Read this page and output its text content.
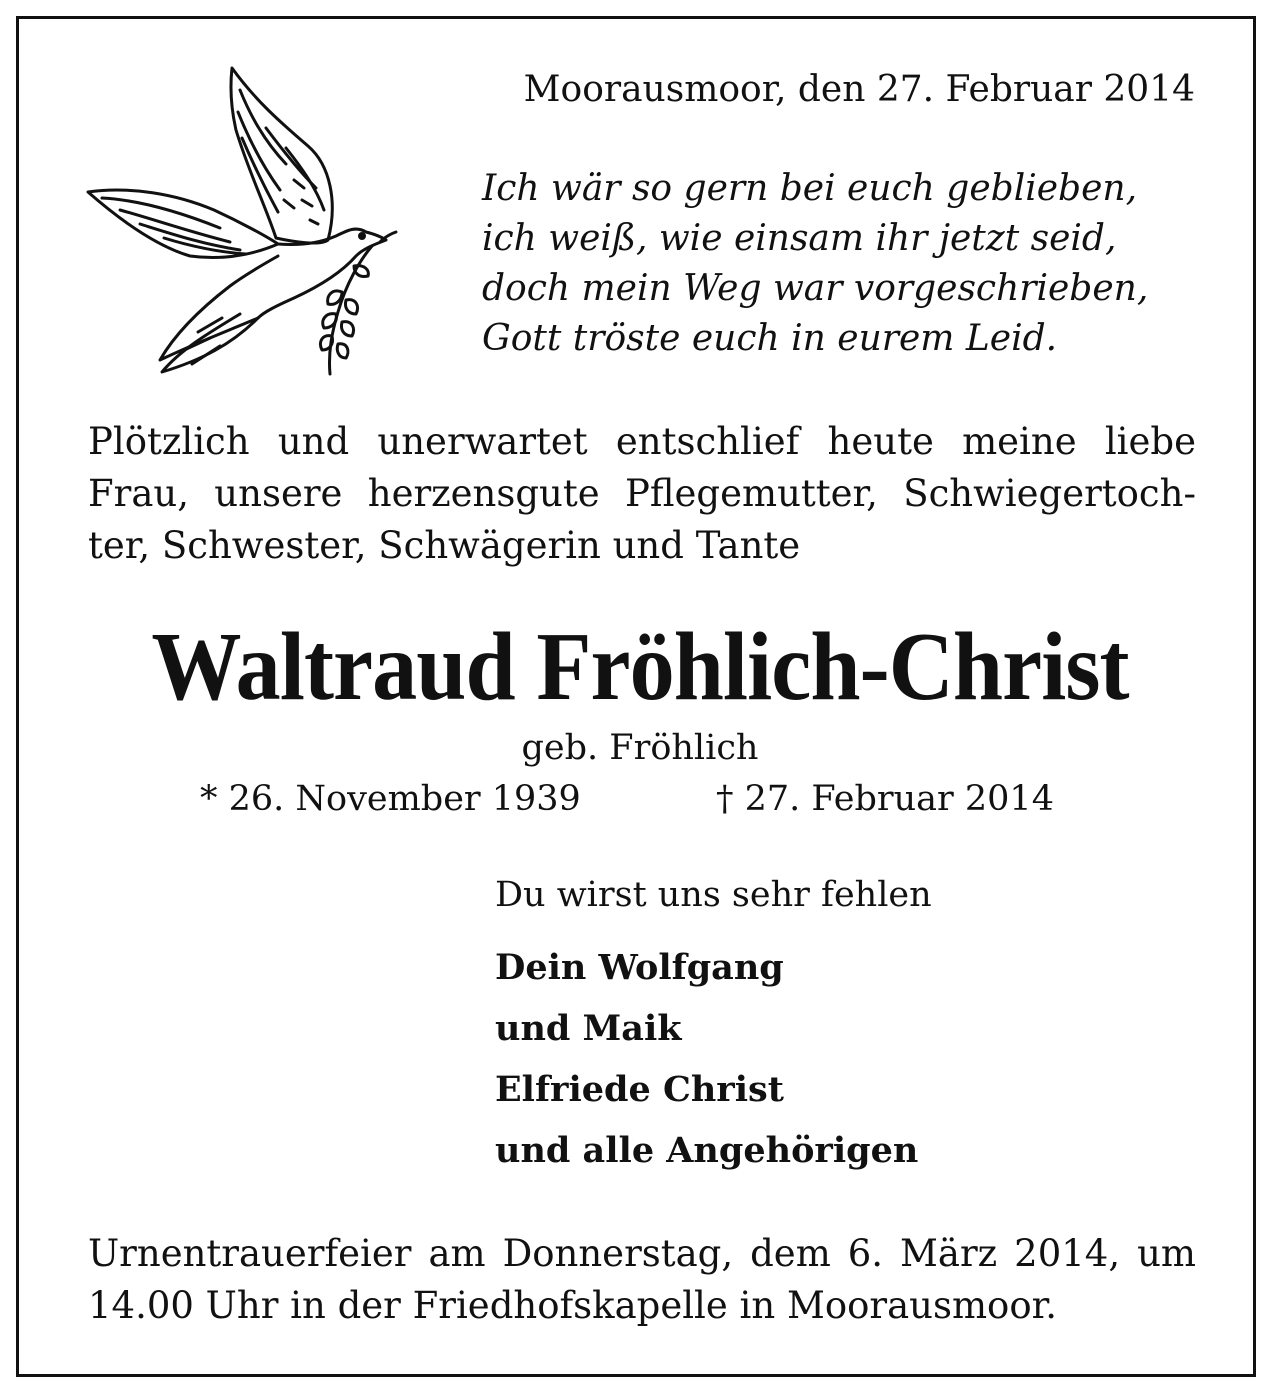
Moorausmoor, den 27. Februar 2014
Ich wär so gern bei euch geblieben,
ich weiß, wie einsam ihr jetzt seid,
doch mein Weg war vorgeschrieben,
Gott tröste euch in eurem Leid.
Plötzlich und unerwartet entschlief heute meine liebe
Frau, unsere herzensgute Pflegemutter, Schwiegertoch-
ter, Schwester, Schwägerin und Tante
Waltraud Fröhlich-Christ
geb. Fröhlich
* 26. November 1939	† 27. Februar 2014
Du wirst uns sehr fehlen
Dein Wolfgang
und Maik
Elfriede Christ
und alle Angehörigen
Urnentrauerfeier am Donnerstag, dem 6. März 2014, um
14.00 Uhr in der Friedhofskapelle in Moorausmoor.
